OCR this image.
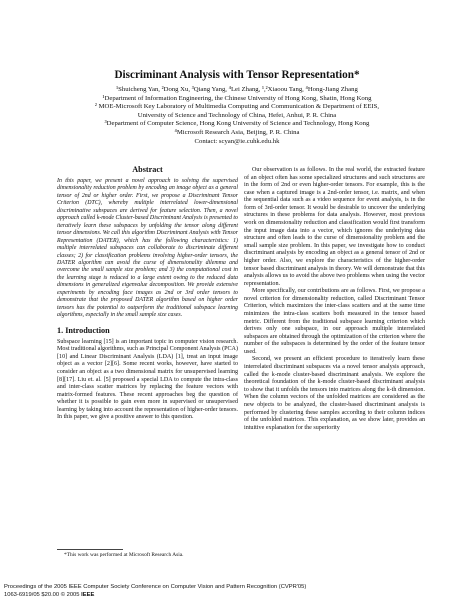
Discriminant Analysis with Tensor Representation*
¹Shuicheng Yan, ²Dong Xu, ³Qiang Yang, ⁴Lei Zhang, ¹,²Xiaoou Tang, ⁴Hong-Jiang Zhang
¹Department of Information Engineering, the Chinese University of Hong Kong, Shatin, Hong Kong
² MOE-Microsoft Key Laboratory of Multimedia Computing and Communication & Department of EEIS,
University of Science and Technology of China, Hefei, Anhui, P. R. China
³Department of Computer Science, Hong Kong University of Science and Technology, Hong Kong
⁴Microsoft Research Asia, Beijing, P. R. China
Contact: scyan@ie.cuhk.edu.hk
Abstract
In this paper, we present a novel approach to solving the supervised dimensionality reduction problem by encoding an image object as a general tensor of 2nd or higher order. First, we propose a Discriminant Tensor Criterion (DTC), whereby multiple interrelated lower-dimensional discriminative subspaces are derived for feature selection. Then, a novel approach called k-mode Cluster-based Discriminant Analysis is presented to iteratively learn these subspaces by unfolding the tensor along different tensor dimensions. We call this algorithm Discriminant Analysis with Tensor Representation (DATER), which has the following characteristics: 1) multiple interrelated subspaces can collaborate to discriminate different classes; 2) for classification problems involving higher-order tensors, the DATER algorithm can avoid the curse of dimensionality dilemma and overcome the small sample size problem; and 3) the computational cost in the learning stage is reduced to a large extent owing to the reduced data dimensions in generalized eigenvalue decomposition. We provide extensive experiments by encoding face images as 2nd or 3rd order tensors to demonstrate that the proposed DATER algorithm based on higher order tensors has the potential to outperform the traditional subspace learning algorithms, especially in the small sample size cases.
1. Introduction

Subspace learning [15] is an important topic in computer vision research. Most traditional algorithms, such as Principal Component Analysis (PCA) [10] and Linear Discriminant Analysis (LDA) [1], treat an input image object as a vector [2][6]. Some recent works, however, have started to consider an object as a two dimensional matrix for unsupervised learning [8][17]. Liu et. al. [5] proposed a special LDA to compute the intra-class and inter-class scatter matrices by replacing the feature vectors with matrix-formed features. These recent approaches beg the question of whether it is possible to gain even more in supervised or unsupervised learning by taking into account the representation of higher-order tensors. In this paper, we give a positive answer to this question.

Our observation is as follows. In the real world, the extracted feature of an object often has some specialized structures and such structures are in the form of 2nd or even higher-order tensors. For example, this is the case when a captured image is a 2nd-order tensor, i.e. matrix, and when the sequential data such as a video sequence for event analysis, is in the form of 3rd-order tensor. It would be desirable to uncover the underlying structures in these problems for data analysis. However, most previous work on dimensionality reduction and classification would first transform the input image data into a vector, which ignores the underlying data structure and often leads to the curse of dimensionality problem and the small sample size problem. In this paper, we investigate how to conduct discriminant analysis by encoding an object as a general tensor of 2nd or higher order. Also, we explore the characteristics of the higher-order tensor based discriminant analysis in theory. We will demonstrate that this analysis allows us to avoid the above two problems when using the vector representation.

More specifically, our contributions are as follows. First, we propose a novel criterion for dimensionality reduction, called Discriminant Tensor Criterion, which maximizes the inter-class scatters and at the same time minimizes the intra-class scatters both measured in the tensor based metric. Different from the traditional subspace learning criterion which derives only one subspace, in our approach multiple interrelated subspaces are obtained through the optimization of the criterion where the number of the subspaces is determined by the order of the feature tensor used.

Second, we present an efficient procedure to iteratively learn these interrelated discriminant subspaces via a novel tensor analysis approach, called the k-mode cluster-based discriminant analysis. We explore the theoretical foundation of the k-mode cluster-based discriminant analysis to show that it unfolds the tensors into matrices along the k-th dimension. When the column vectors of the unfolded matrices are considered as the new objects to be analyzed, the cluster-based discriminant analysis is performed by clustering these samples according to their column indices of the unfolded matrices. This explanation, as we show later, provides an intuitive explanation for the superiority

*This work was performed at Microsoft Research Asia.
Proceedings of the 2005 IEEE Computer Society Conference on Computer Vision and Pattern Recognition (CVPR'05)
1063-6919/05 $20.00 © 2005 IEEE
